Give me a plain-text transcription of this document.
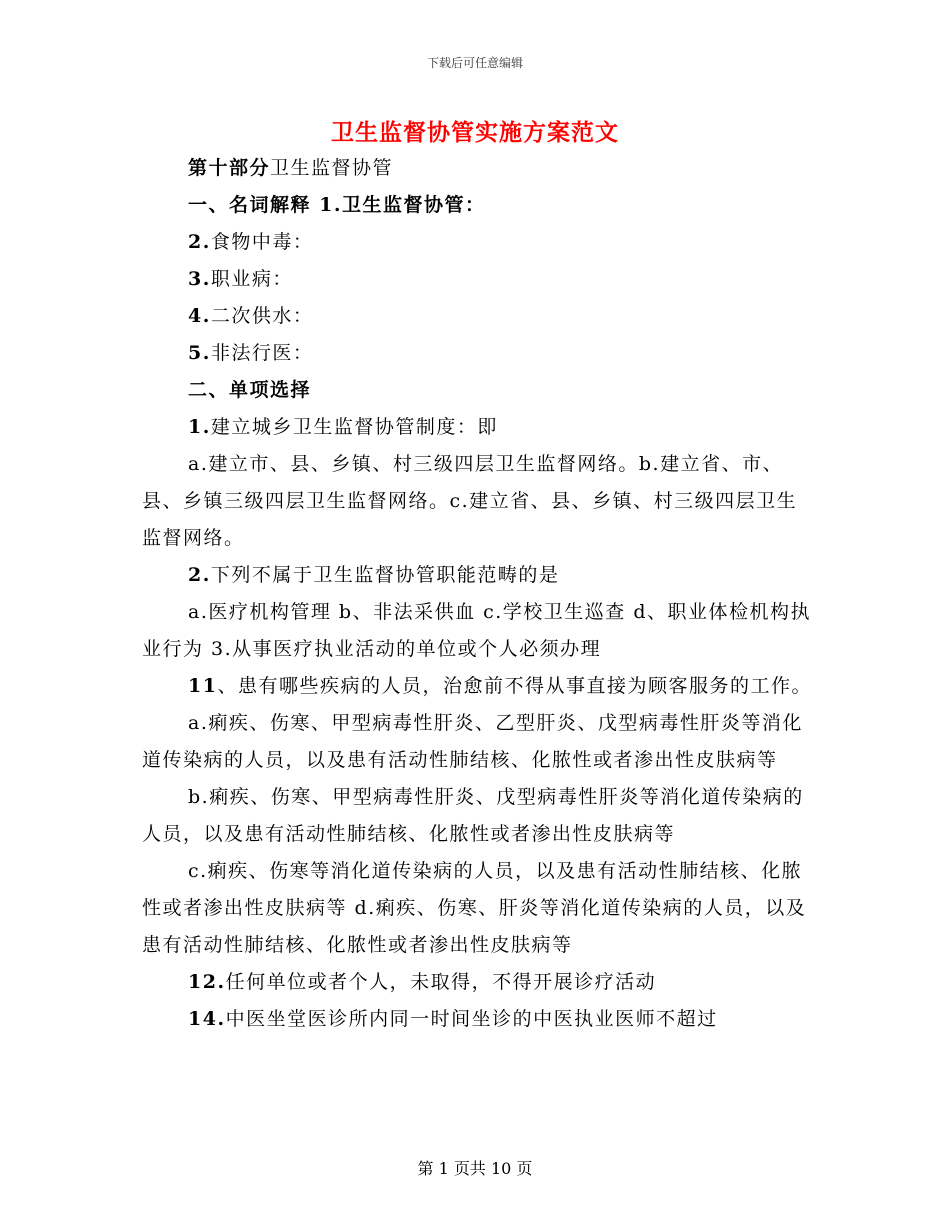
下载后可任意编辑
卫生监督协管实施方案范文

第十部分卫生监督协管

一、名词解释 1.卫生监督协管：

2.食物中毒：

3.职业病：

4.二次供水：

5.非法行医：

二、单项选择

1.建立城乡卫生监督协管制度：即

a.建立市、县、乡镇、村三级四层卫生监督网络。b.建立省、市、县、乡镇三级四层卫生监督网络。c.建立省、县、乡镇、村三级四层卫生监督网络。

2.下列不属于卫生监督协管职能范畴的是

a.医疗机构管理 b、非法采供血 c.学校卫生巡查 d、职业体检机构执业行为 3.从事医疗执业活动的单位或个人必须办理

11、患有哪些疾病的人员，治愈前不得从事直接为顾客服务的工作。

a.痢疾、伤寒、甲型病毒性肝炎、乙型肝炎、戊型病毒性肝炎等消化道传染病的人员，以及患有活动性肺结核、化脓性或者渗出性皮肤病等

b.痢疾、伤寒、甲型病毒性肝炎、戊型病毒性肝炎等消化道传染病的人员，以及患有活动性肺结核、化脓性或者渗出性皮肤病等

c.痢疾、伤寒等消化道传染病的人员，以及患有活动性肺结核、化脓性或者渗出性皮肤病等 d.痢疾、伤寒、肝炎等消化道传染病的人员，以及患有活动性肺结核、化脓性或者渗出性皮肤病等

12.任何单位或者个人，未取得，不得开展诊疗活动

14.中医坐堂医诊所内同一时间坐诊的中医执业医师不超过

第 1 页共 10 页
